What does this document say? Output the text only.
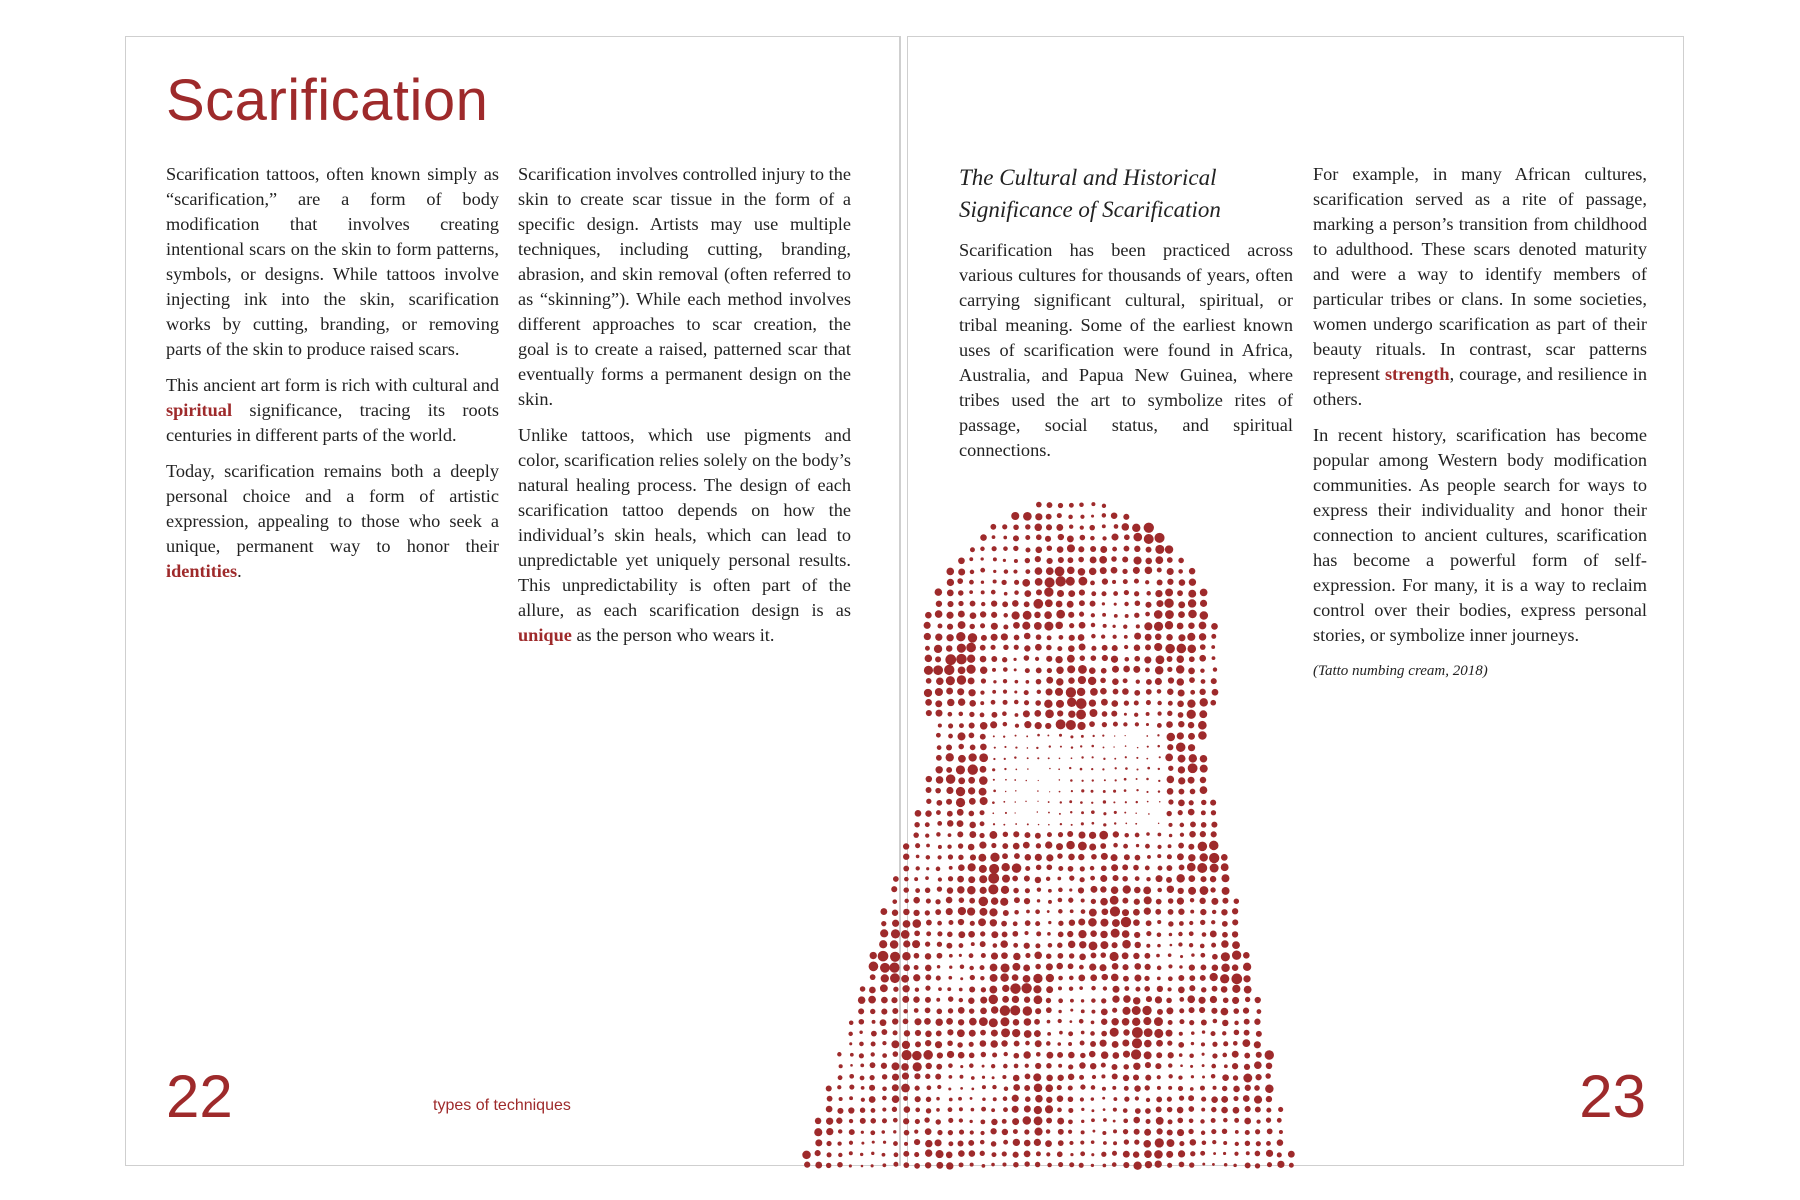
Scarification

Scarification tattoos, often known simply as “scarification,” are a form of body modification that involves creating intentional scars on the skin to form patterns, symbols, or designs. While tattoos involve injecting ink into the skin, scarification works by cutting, branding, or removing parts of the skin to produce raised scars.

This ancient art form is rich with cultural and spiritual significance, tracing its roots centuries in different parts of the world.

Today, scarification remains both a deeply personal choice and a form of artistic expression, appealing to those who seek a unique, permanent way to honor their identities.

Scarification involves controlled injury to the skin to create scar tissue in the form of a specific design. Artists may use multiple techniques, including cutting, branding, abrasion, and skin removal (often referred to as “skinning”). While each method involves different approaches to scar creation, the goal is to create a raised, patterned scar that eventually forms a permanent design on the skin.

Unlike tattoos, which use pigments and color, scarification relies solely on the body’s natural healing process. The design of each scarification tattoo depends on how the individual’s skin heals, which can lead to unpredictable yet uniquely personal results. This unpredictability is often part of the allure, as each scarification design is as unique as the person who wears it.

22	types of techniques
The Cultural and Historical
Significance of Scarification

Scarification has been practiced across various cultures for thousands of years, often carrying significant cultural, spiritual, or tribal meaning. Some of the earliest known uses of scarification were found in Africa, Australia, and Papua New Guinea, where tribes used the art to symbolize rites of passage, social status, and spiritual connections.

For example, in many African cultures, scarification served as a rite of passage, marking a person’s transition from childhood to adulthood. These scars denoted maturity and were a way to identify members of particular tribes or clans. In some societies, women undergo scarification as part of their beauty rituals. In contrast, scar patterns represent strength, courage, and resilience in others.

In recent history, scarification has become popular among Western body modification communities. As people search for ways to express their individuality and honor their connection to ancient cultures, scarification has become a powerful form of self-expression. For many, it is a way to reclaim control over their bodies, express personal stories, or symbolize inner journeys.

(Tatto numbing cream, 2018)
23
